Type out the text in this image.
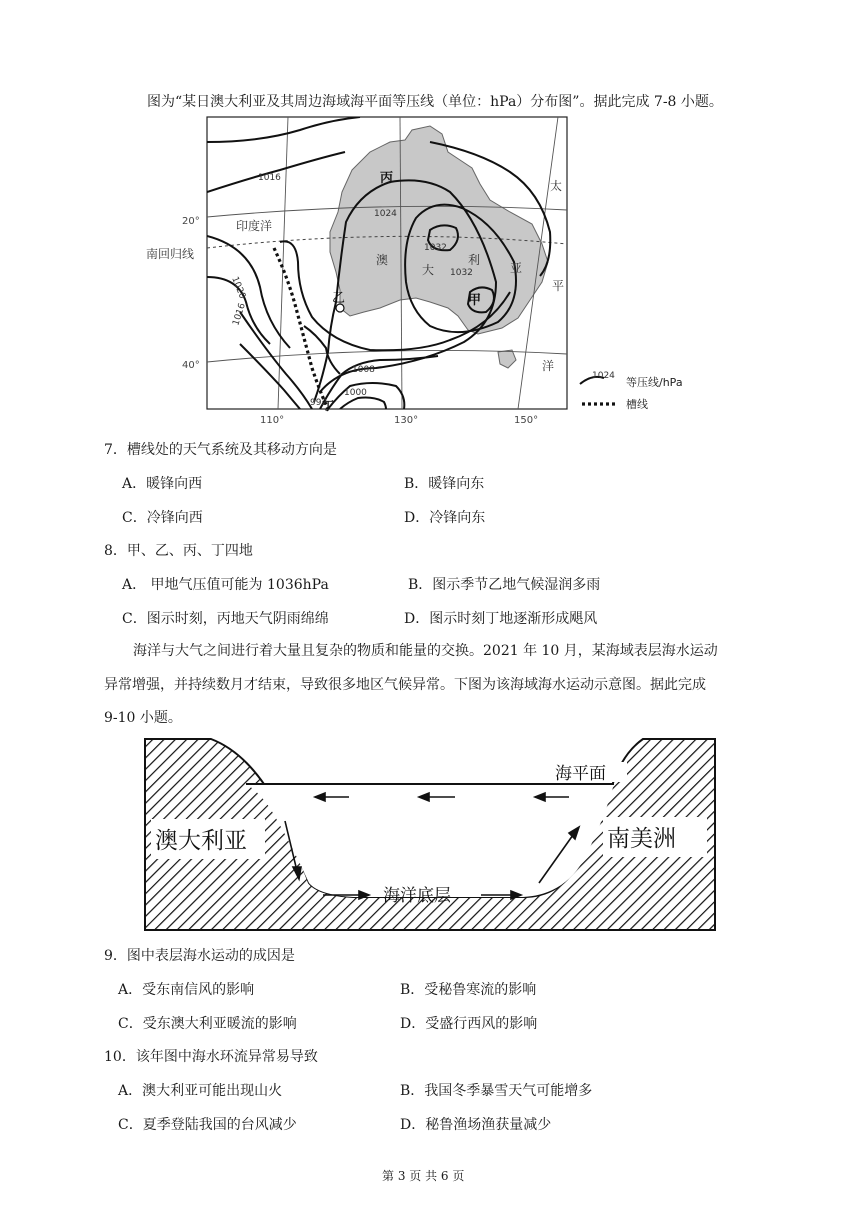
图为“某日澳大利亚及其周边海域海平面等压线（单位：hPa）分布图”。据此完成 7-8 小题。
20°
40°
南回归线
110°	130°	150°
印度洋
太
平
洋
澳
大
利
亚
丙
乙	甲
丁
1016
1024
1032
1032
1020
1016
1008
1000
992
1024 等压线/hPa
槽线
7．槽线处的天气系统及其移动方向是
A．暖锋向西	B．暖锋向东
C．冷锋向西	D．冷锋向东
8．甲、乙、丙、丁四地
A． 甲地气压值可能为 1036hPa	B．图示季节乙地气候湿润多雨
C．图示时刻，丙地天气阴雨绵绵	D．图示时刻丁地逐渐形成飓风
海洋与大气之间进行着大量且复杂的物质和能量的交换。2021 年 10 月，某海域表层海水运动
异常增强，并持续数月才结束，导致很多地区气候异常。下图为该海域海水运动示意图。据此完成
9-10 小题。
澳大利亚	南美洲
海平面
海洋底层
9．图中表层海水运动的成因是
A．受东南信风的影响	B．受秘鲁寒流的影响
C．受东澳大利亚暖流的影响	D．受盛行西风的影响
10．该年图中海水环流异常易导致
A．澳大利亚可能出现山火	B．我国冬季暴雪天气可能增多
C．夏季登陆我国的台风减少	D．秘鲁渔场渔获量减少
第 3 页 共 6 页
